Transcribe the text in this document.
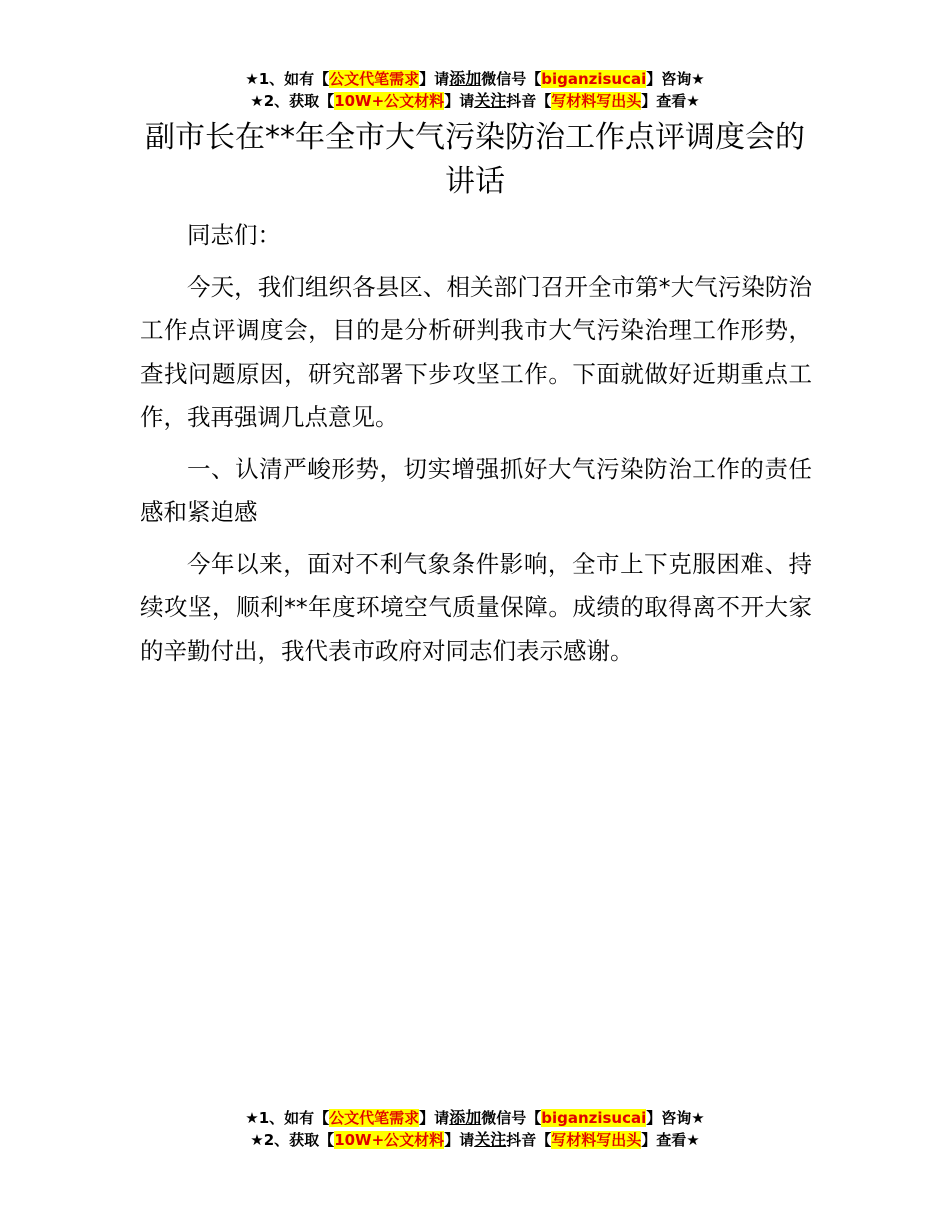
★1、如有【公文代笔需求】请添加微信号【biganzisucai】咨询★
★2、获取【10W+公文材料】请关注抖音【写材料写出头】查看★
副市长在**年全市大气污染防治工作点评调度会的讲话

同志们：

今天，我们组织各县区、相关部门召开全市第*大气污染防治工作点评调度会，目的是分析研判我市大气污染治理工作形势，查找问题原因，研究部署下步攻坚工作。下面就做好近期重点工作，我再强调几点意见。

一、认清严峻形势，切实增强抓好大气污染防治工作的责任感和紧迫感

今年以来，面对不利气象条件影响，全市上下克服困难、持续攻坚，顺利**年度环境空气质量保障。成绩的取得离不开大家的辛勤付出，我代表市政府对同志们表示感谢。

★1、如有【公文代笔需求】请添加微信号【biganzisucai】咨询★
★2、获取【10W+公文材料】请关注抖音【写材料写出头】查看★
